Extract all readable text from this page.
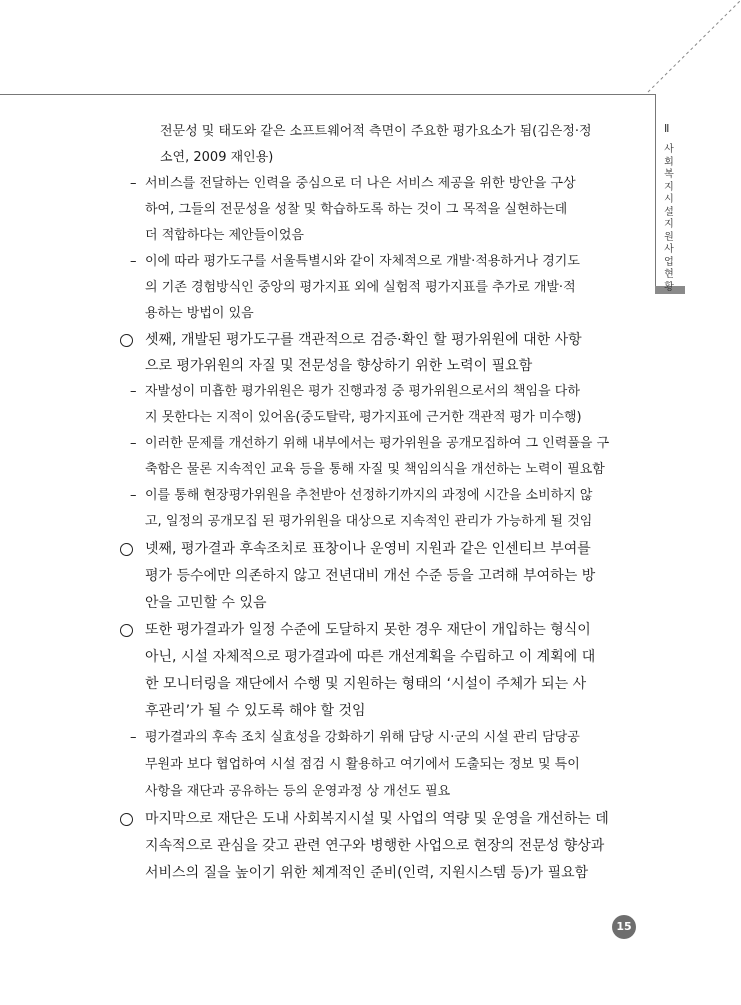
Ⅱ
사회복지시설 지원사업 현황
전문성 및 태도와 같은 소프트웨어적 측면이 주요한 평가요소가 됨(김은정·정
소연, 2009 재인용)
서비스를 전달하는 인력을 중심으로 더 나은 서비스 제공을 위한 방안을 구상
–
하여, 그들의 전문성을 성찰 및 학습하도록 하는 것이 그 목적을 실현하는데
더 적합하다는 제안들이었음
이에 따라 평가도구를 서울특별시와 같이 자체적으로 개발·적용하거나 경기도
–
의 기존 경험방식인 중앙의 평가지표 외에 실험적 평가지표를 추가로 개발·적
용하는 방법이 있음
셋째, 개발된 평가도구를 객관적으로 검증·확인 할 평가위원에 대한 사항
으로 평가위원의 자질 및 전문성을 향상하기 위한 노력이 필요함
자발성이 미흡한 평가위원은 평가 진행과정 중 평가위원으로서의 책임을 다하
–
지 못한다는 지적이 있어옴(중도탈락, 평가지표에 근거한 객관적 평가 미수행)
이러한 문제를 개선하기 위해 내부에서는 평가위원을 공개모집하여 그 인력풀을 구
–
축함은 물론 지속적인 교육 등을 통해 자질 및 책임의식을 개선하는 노력이 필요함
이를 통해 현장평가위원을 추천받아 선정하기까지의 과정에 시간을 소비하지 않
–
고, 일정의 공개모집 된 평가위원을 대상으로 지속적인 관리가 가능하게 될 것임
넷째, 평가결과 후속조치로 표창이나 운영비 지원과 같은 인센티브 부여를
평가 등수에만 의존하지 않고 전년대비 개선 수준 등을 고려해 부여하는 방
안을 고민할 수 있음
또한 평가결과가 일정 수준에 도달하지 못한 경우 재단이 개입하는 형식이
아닌, 시설 자체적으로 평가결과에 따른 개선계획을 수립하고 이 계획에 대
한 모니터링을 재단에서 수행 및 지원하는 형태의 ‘시설이 주체가 되는 사
후관리’가 될 수 있도록 해야 할 것임
평가결과의 후속 조치 실효성을 강화하기 위해 담당 시·군의 시설 관리 담당공
–
무원과 보다 협업하여 시설 점검 시 활용하고 여기에서 도출되는 정보 및 특이
사항을 재단과 공유하는 등의 운영과정 상 개선도 필요
마지막으로 재단은 도내 사회복지시설 및 사업의 역량 및 운영을 개선하는 데
지속적으로 관심을 갖고 관련 연구와 병행한 사업으로 현장의 전문성 향상과
서비스의 질을 높이기 위한 체계적인 준비(인력, 지원시스템 등)가 필요함
15
